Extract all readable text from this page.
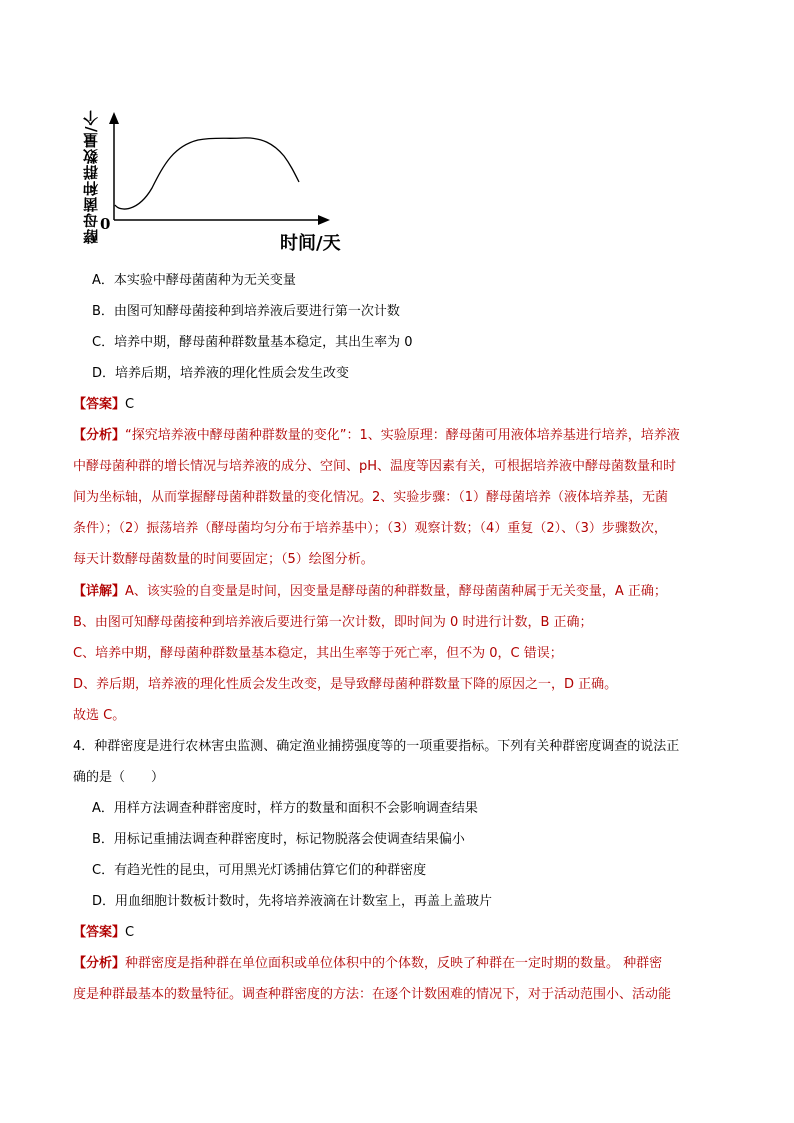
酵母菌种群数量/个 0
时间/天
A．本实验中酵母菌菌种为无关变量
B．由图可知酵母菌接种到培养液后要进行第一次计数
C．培养中期，酵母菌种群数量基本稳定，其出生率为 0
D．培养后期，培养液的理化性质会发生改变
【答案】C
【分析】“探究培养液中酵母菌种群数量的变化”：1、实验原理：酵母菌可用液体培养基进行培养，培养液
中酵母菌种群的增长情况与培养液的成分、空间、pH、温度等因素有关，可根据培养液中酵母菌数量和时
间为坐标轴，从而掌握酵母菌种群数量的变化情况。2、实验步骤：（1）酵母菌培养（液体培养基，无菌
条件）；（2）振荡培养（酵母菌均匀分布于培养基中）；（3）观察计数；（4）重复（2）、（3）步骤数次，
每天计数酵母菌数量的时间要固定；（5）绘图分析。
【详解】A、该实验的自变量是时间，因变量是酵母菌的种群数量，酵母菌菌种属于无关变量，A 正确；
B、由图可知酵母菌接种到培养液后要进行第一次计数，即时间为 0 时进行计数，B 正确；
C、培养中期，酵母菌种群数量基本稳定，其出生率等于死亡率，但不为 0，C 错误；
D、养后期，培养液的理化性质会发生改变，是导致酵母菌种群数量下降的原因之一，D 正确。
故选 C。
4．种群密度是进行农林害虫监测、确定渔业捕捞强度等的一项重要指标。下列有关种群密度调查的说法正
确的是（　　）
A．用样方法调查种群密度时，样方的数量和面积不会影响调查结果
B．用标记重捕法调查种群密度时，标记物脱落会使调查结果偏小
C．有趋光性的昆虫，可用黑光灯诱捕估算它们的种群密度
D．用血细胞计数板计数时，先将培养液滴在计数室上，再盖上盖玻片
【答案】C
【分析】种群密度是指种群在单位面积或单位体积中的个体数，反映了种群在一定时期的数量。 种群密
度是种群最基本的数量特征。调查种群密度的方法：在逐个计数困难的情况下，对于活动范围小、活动能
